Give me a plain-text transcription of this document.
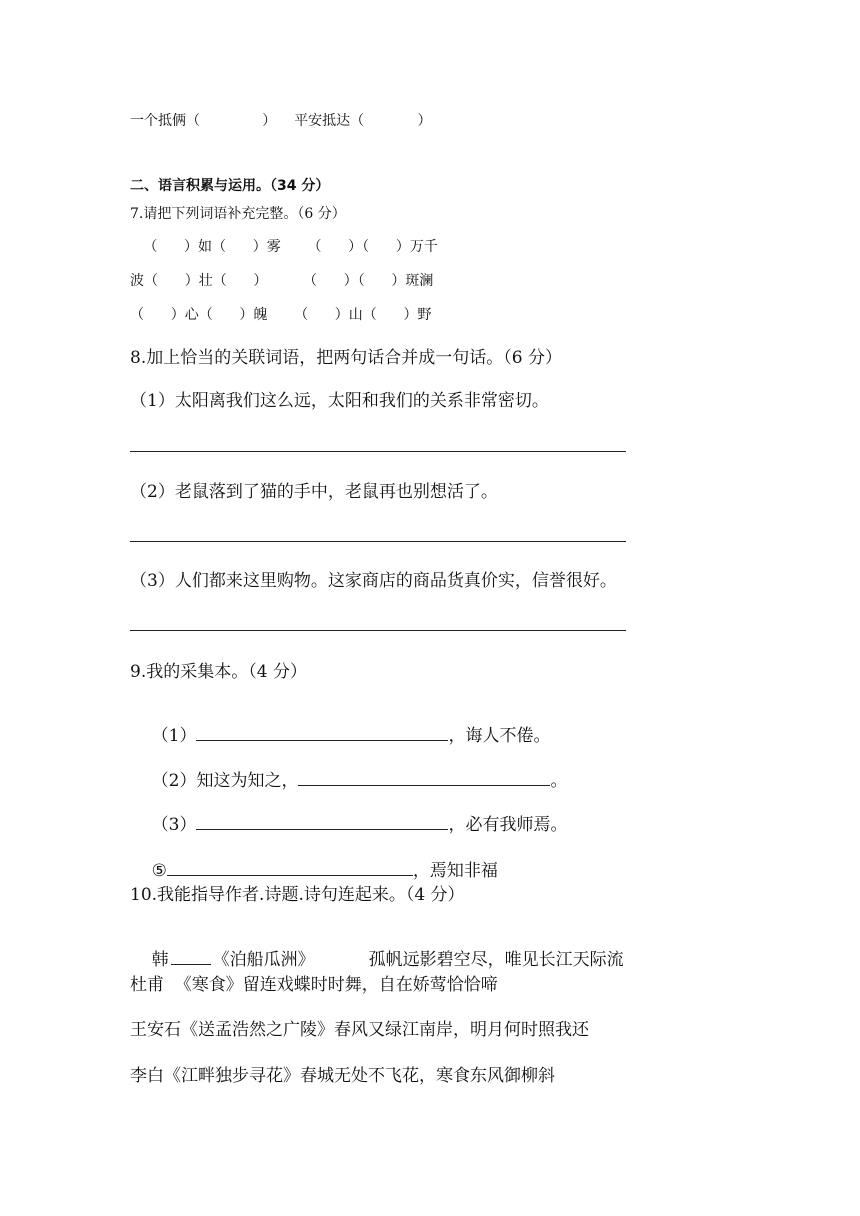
一个抵俩（              ）    平安抵达（            ）
二、语言积累与运用。（34 分）
7.请把下列词语补充完整。（6 分）
（      ）如（      ）雾      （      ）（      ）万千
波（      ）壮（      ）        （      ）（      ）斑澜
（      ）心（      ）魄      （      ）山（      ）野
8.加上恰当的关联词语，把两句话合并成一句话。（6 分）
（1）太阳离我们这么远，太阳和我们的关系非常密切。
（2）老鼠落到了猫的手中，老鼠再也别想活了。
（3）人们都来这里购物。这家商店的商品货真价实，信誉很好。
9.我的采集本。（4 分）

（1）	，诲人不倦。

（2）知这为知之，	。

（3）	，必有我师焉。

⑤	，焉知非福

10.我能指导作者.诗题.诗句连起来。（4 分）

韩	《泊船瓜洲》          孤帆远影碧空尽，唯见长江天际流

杜甫  《寒食》留连戏蝶时时舞，自在娇莺恰恰啼
王安石《送孟浩然之广陵》春风又绿江南岸，明月何时照我还
李白《江畔独步寻花》春城无处不飞花，寒食东风御柳斜
